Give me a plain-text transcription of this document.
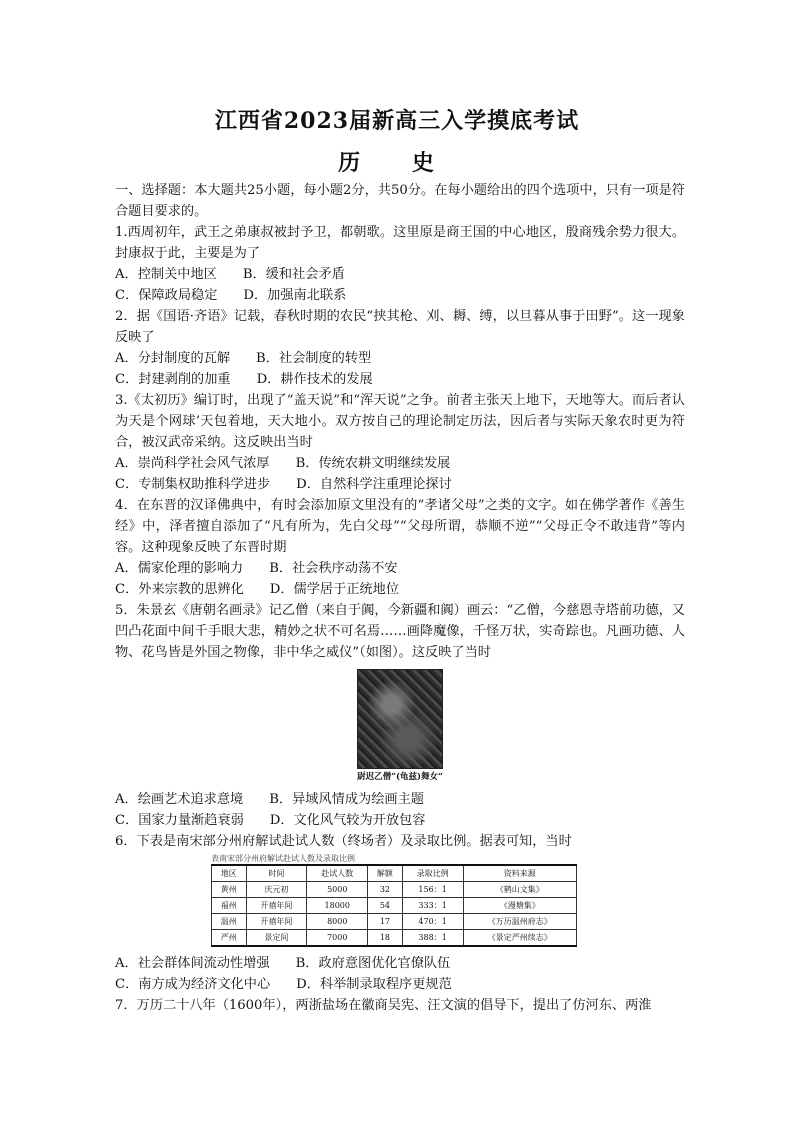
江西省2023届新高三入学摸底考试
历 史

一、选择题：本大题共25小题，每小题2分，共50分。在每小题给出的四个选项中，只有一项是符合题目要求的。

1.西周初年，武王之弟康叔被封予卫，都朝歌。这里原是商王国的中心地区，殷商残余势力很大。封康叔于此，主要是为了

A．控制关中地区 B．缓和社会矛盾
C．保障政局稳定 D．加强南北联系

2．据《国语·齐语》记载，春秋时期的农民“挟其枪、刈、耨、缚，以旦暮从事于田野”。这一现象反映了

A．分封制度的瓦解 B．社会制度的转型
C．封建剥削的加重 D．耕作技术的发展

3.《太初历》编订时，出现了“盖天说”和“浑天说”之争。前者主张天上地下，天地等大。而后者认为天是个网球’天包着地，天大地小。双方按自己的理论制定历法，因后者与实际天象农时更为符合，被汉武帝采纳。这反映出当时

A．崇尚科学社会风气浓厚 B．传统农耕文明继续发展
C．专制集权助推科学进步 D．自然科学注重理论探讨

4．在东晋的汉译佛典中，有时会添加原文里没有的“孝诸父母”之类的文字。如在佛学著作《善生经》中，泽者擅自添加了“凡有所为，先白父母”“父母所谓，恭顺不逆”“父母正令不敢违背”等内容。这种现象反映了东晋时期

A．儒家伦理的影响力 B．社会秩序动荡不安
C．外来宗教的思辨化 D．儒学居于正统地位

5．朱景玄《唐朝名画录》记乙僧（来自于阗，今新疆和阗）画云：“乙僧，今慈恩寺塔前功德，又凹凸花面中间千手眼大悲，精妙之状不可名焉……画降魔像，千怪万状，实奇踪也。凡画功德、人物、花鸟皆是外国之物像，非中华之威仪”（如图）。这反映了当时

尉迟乙僧“(龟兹)舞女”
A．绘画艺术追求意境 B．异域风情成为绘画主题
C．国家力量渐趋衰弱 D．文化风气较为开放包容

6．下表是南宋部分州府解试赴试人数（终场者）及录取比例。据表可知，当时

表南宋部分州府解试赴试人数及录取比例
地区	时间	赴试人数	解额	录取比例	资料来源
黄州	庆元初	5000	32	156：1	《鹤山文集》
福州	开禧年间	18000	54	333：1	《漫塘集》
温州	开禧年间	8000	17	470：1	《万历温州府志》
严州	景定间	7000	18	388：1	《景定严州续志》
A．社会群体间流动性增强 B．政府意图优化官僚队伍
C．南方成为经济文化中心 D．科举制录取程序更规范

7．万历二十八年（1600年），两浙盐场在徽商吴宪、汪文演的倡导下，提出了仿河东、两淮
